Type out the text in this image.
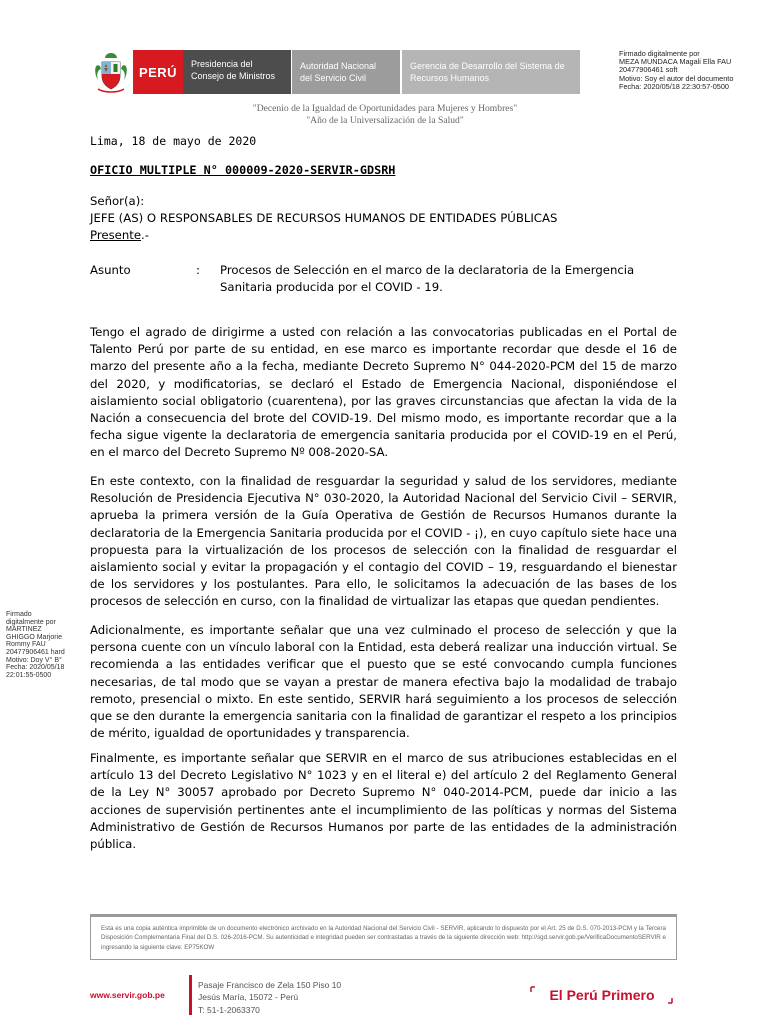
PERÚ
Presidencia del
Consejo de Ministros
Autoridad Nacional
del Servicio Civil
Gerencia de Desarrollo del Sistema de
Recursos Humanos
Firmado digitalmente por
MEZA MUNDACA Magali Ella FAU
20477906461 soft
Motivo: Soy el autor del documento
Fecha: 2020/05/18 22:30:57-0500
"Decenio de la Igualdad de Oportunidades para Mujeres y Hombres"
"Año de la Universalización de la Salud"
Lima, 18 de mayo de 2020
OFICIO MULTIPLE N° 000009-2020-SERVIR-GDSRH
Señor(a):
JEFE (AS) O RESPONSABLES DE RECURSOS HUMANOS DE ENTIDADES PÚBLICAS
Presente.-
Asunto	: Procesos de Selección en el marco de la declaratoria de la Emergencia Sanitaria producida por el COVID - 19.
Tengo el agrado de dirigirme a usted con relación a las convocatorias publicadas en el Portal de Talento Perú por parte de su entidad, en ese marco es importante recordar que desde el 16 de marzo del presente año a la fecha, mediante Decreto Supremo N° 044-2020-PCM del 15 de marzo del 2020, y modificatorias, se declaró el Estado de Emergencia Nacional, disponiéndose el aislamiento social obligatorio (cuarentena), por las graves circunstancias que afectan la vida de la Nación a consecuencia del brote del COVID-19. Del mismo modo, es importante recordar que a la fecha sigue vigente la declaratoria de emergencia sanitaria producida por el COVID-19 en el Perú, en el marco del Decreto Supremo Nº 008-2020-SA.
En este contexto, con la finalidad de resguardar la seguridad y salud de los servidores, mediante Resolución de Presidencia Ejecutiva N° 030-2020, la Autoridad Nacional del Servicio Civil – SERVIR, aprueba la primera versión de la Guía Operativa de Gestión de Recursos Humanos durante la declaratoria de la Emergencia Sanitaria producida por el COVID - ¡), en cuyo capítulo siete hace una propuesta para la virtualización de los procesos de selección con la finalidad de resguardar el aislamiento social y evitar la propagación y el contagio del COVID – 19, resguardando el bienestar de los servidores y los postulantes. Para ello, le solicitamos la adecuación de las bases de los procesos de selección en curso, con la finalidad de virtualizar las etapas que quedan pendientes.
Adicionalmente, es importante señalar que una vez culminado el proceso de selección y que la persona cuente con un vínculo laboral con la Entidad, esta deberá realizar una inducción virtual. Se recomienda a las entidades verificar que el puesto que se esté convocando cumpla funciones necesarias, de tal modo que se vayan a prestar de manera efectiva bajo la modalidad de trabajo remoto, presencial o mixto. En este sentido, SERVIR hará seguimiento a los procesos de selección que se den durante la emergencia sanitaria con la finalidad de garantizar el respeto a los principios de mérito, igualdad de oportunidades y transparencia.
Finalmente, es importante señalar que SERVIR en el marco de sus atribuciones establecidas en el artículo 13 del Decreto Legislativo N° 1023 y en el literal e) del artículo 2 del Reglamento General de la Ley N° 30057 aprobado por Decreto Supremo N° 040-2014-PCM, puede dar inicio a las acciones de supervisión pertinentes ante el incumplimiento de las políticas y normas del Sistema Administrativo de Gestión de Recursos Humanos por parte de las entidades de la administración pública.
Firmado
digitalmente por
MARTINEZ
GHIGGO Marjorie
Rommy FAU
20477906461 hard
Motivo: Doy V° B°
Fecha: 2020/05/18
22:01:55-0500
Esta es una copia auténtica imprimible de un documento electrónico archivado en la Autoridad Nacional del Servicio Civil - SERVIR, aplicando lo dispuesto por el Art. 25 de D.S. 070-2013-PCM y la Tercera Disposición Complementaria Final del D.S. 026-2016-PCM. Su autenticidad e integridad pueden ser contrastadas a través de la siguiente dirección web: http://sgd.servir.gob.pe/VerificaDocumentoSERVIR e ingresando la siguiente clave: EP75KOW
www.servir.gob.pe
Pasaje Francisco de Zela 150 Piso 10
Jesús María, 15072 - Perú
T: 51-1-2063370
El Perú Primero
